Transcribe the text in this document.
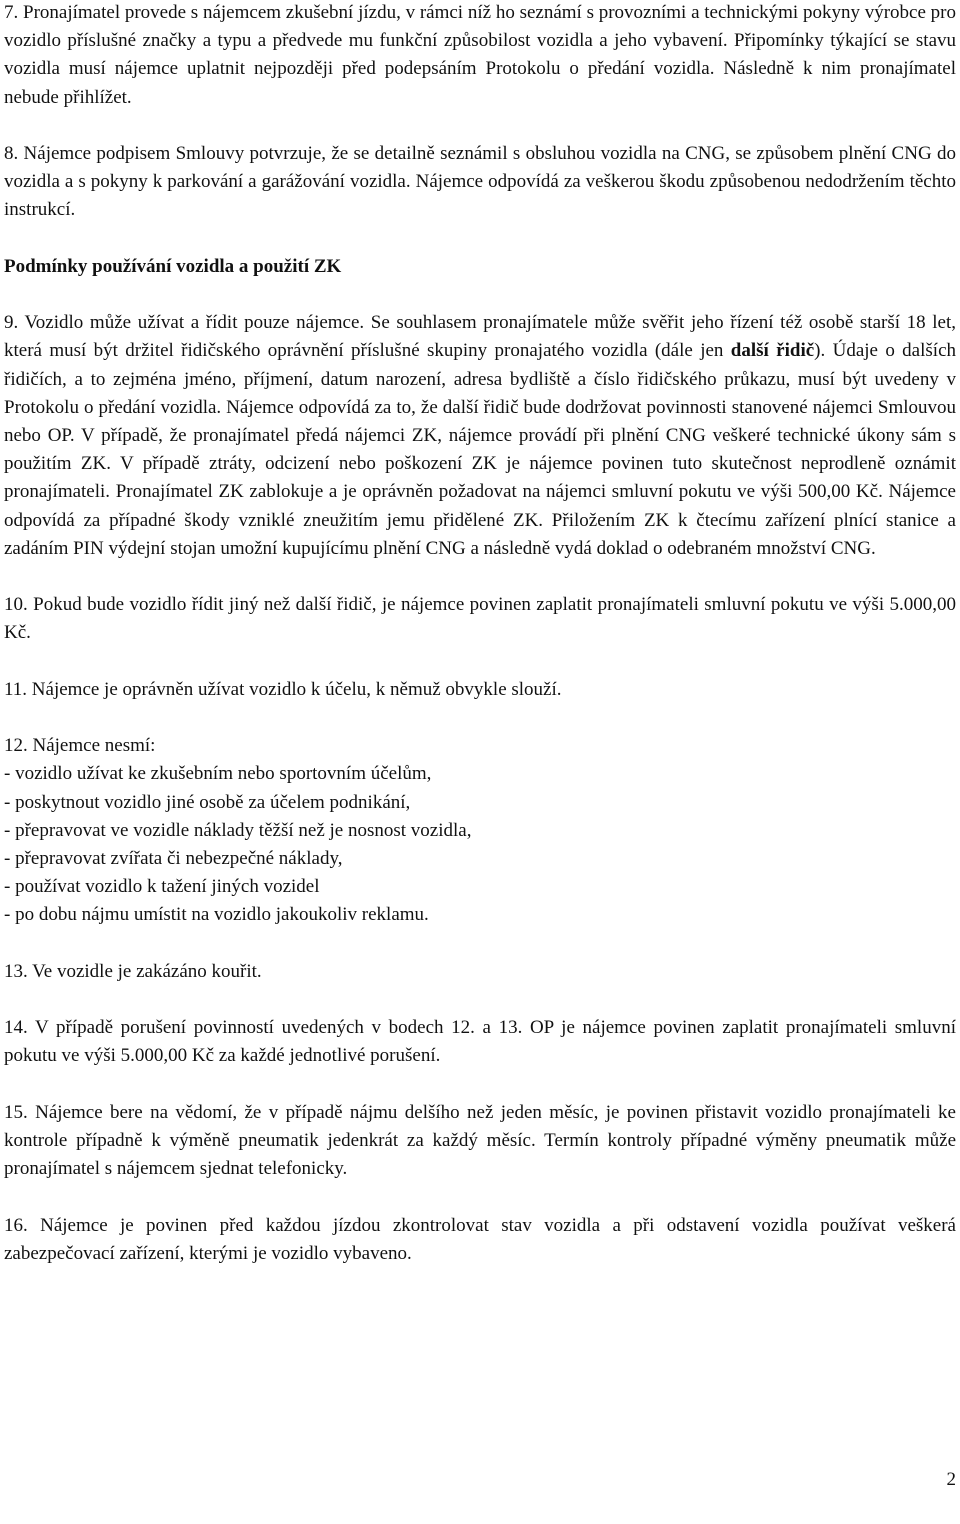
7. Pronajímatel provede s nájemcem zkušební jízdu, v rámci níž ho seznámí s provozními a technickými pokyny výrobce pro vozidlo příslušné značky a typu a předvede mu funkční způsobilost vozidla a jeho vybavení. Připomínky týkající se stavu vozidla musí nájemce uplatnit nejpozději před podepsáním Protokolu o předání vozidla. Následně k nim pronajímatel nebude přihlížet.

8. Nájemce podpisem Smlouvy potvrzuje, že se detailně seznámil s obsluhou vozidla na CNG, se způsobem plnění CNG do vozidla a s pokyny k parkování a garážování vozidla. Nájemce odpovídá za veškerou škodu způsobenou nedodržením těchto instrukcí.

Podmínky používání vozidla a použití ZK

9. Vozidlo může užívat a řídit pouze nájemce. Se souhlasem pronajímatele může svěřit jeho řízení též osobě starší 18 let, která musí být držitel řidičského oprávnění příslušné skupiny pronajatého vozidla (dále jen další řidič). Údaje o dalších řidičích, a to zejména jméno, příjmení, datum narození, adresa bydliště a číslo řidičského průkazu, musí být uvedeny v Protokolu o předání vozidla. Nájemce odpovídá za to, že další řidič bude dodržovat povinnosti stanovené nájemci Smlouvou nebo OP. V případě, že pronajímatel předá nájemci ZK, nájemce provádí při plnění CNG veškeré technické úkony sám s použitím ZK. V případě ztráty, odcizení nebo poškození ZK je nájemce povinen tuto skutečnost neprodleně oznámit pronajímateli. Pronajímatel ZK zablokuje a je oprávněn požadovat na nájemci smluvní pokutu ve výši 500,00 Kč. Nájemce odpovídá za případné škody vzniklé zneužitím jemu přidělené ZK. Přiložením ZK k čtecímu zařízení plnící stanice a zadáním PIN výdejní stojan umožní kupujícímu plnění CNG a následně vydá doklad o odebraném množství CNG.

10. Pokud bude vozidlo řídit jiný než další řidič, je nájemce povinen zaplatit pronajímateli smluvní pokutu ve výši 5.000,00 Kč.

11. Nájemce je oprávněn užívat vozidlo k účelu, k němuž obvykle slouží.

12. Nájemce nesmí:

- vozidlo užívat ke zkušebním nebo sportovním účelům,
- poskytnout vozidlo jiné osobě za účelem podnikání,
- přepravovat ve vozidle náklady těžší než je nosnost vozidla,
- přepravovat zvířata či nebezpečné náklady,
- používat vozidlo k tažení jiných vozidel
- po dobu nájmu umístit na vozidlo jakoukoliv reklamu.

13. Ve vozidle je zakázáno kouřit.

14. V případě porušení povinností uvedených v bodech 12. a 13. OP je nájemce povinen zaplatit pronajímateli smluvní pokutu ve výši 5.000,00 Kč za každé jednotlivé porušení.

15. Nájemce bere na vědomí, že v případě nájmu delšího než jeden měsíc, je povinen přistavit vozidlo pronajímateli ke kontrole případně k výměně pneumatik jedenkrát za každý měsíc. Termín kontroly případné výměny pneumatik může pronajímatel s nájemcem sjednat telefonicky.

16. Nájemce je povinen před každou jízdou zkontrolovat stav vozidla a při odstavení vozidla používat veškerá zabezpečovací zařízení, kterými je vozidlo vybaveno.

2
